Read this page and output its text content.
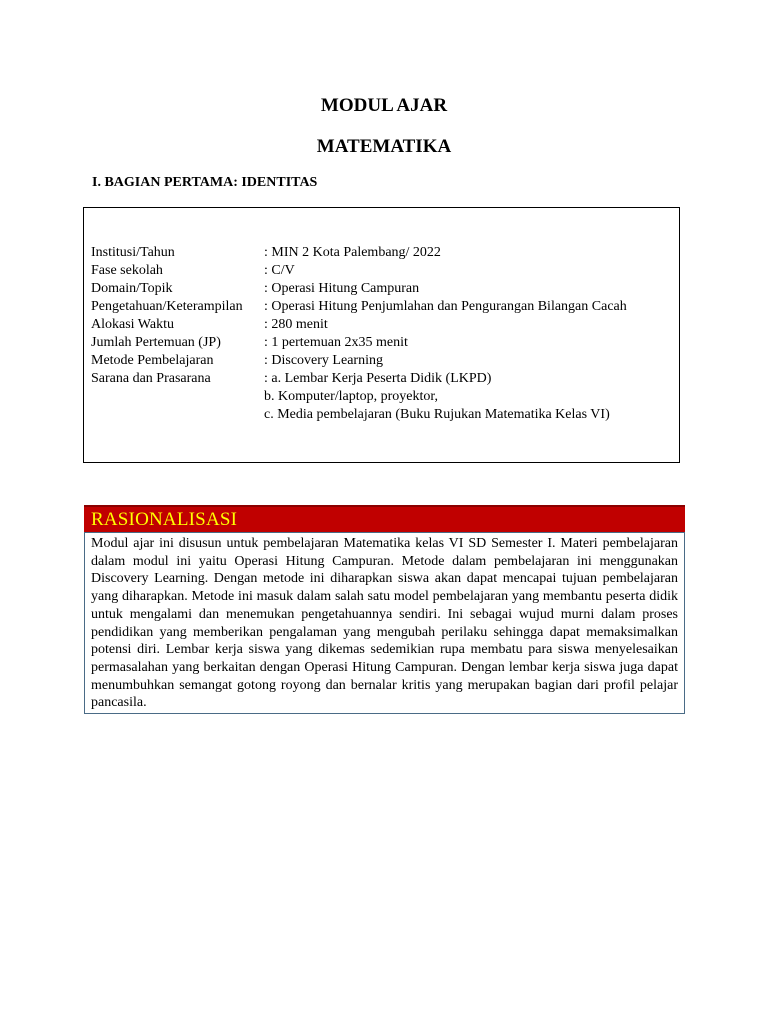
MODUL AJAR
MATEMATIKA
I. BAGIAN PERTAMA: IDENTITAS
Institusi/Tahun	: MIN 2 Kota Palembang/ 2022
Fase sekolah	: C/V
Domain/Topik	: Operasi Hitung Campuran
Pengetahuan/Keterampilan	: Operasi Hitung Penjumlahan dan Pengurangan Bilangan Cacah
Alokasi Waktu	: 280 menit
Jumlah Pertemuan (JP)	: 1 pertemuan 2x35 menit
Metode Pembelajaran	: Discovery Learning
Sarana dan Prasarana	: a. Lembar Kerja Peserta Didik (LKPD)
	b. Komputer/laptop, proyektor,
	c. Media pembelajaran (Buku Rujukan Matematika Kelas VI)
RASIONALISASI

Modul ajar ini disusun untuk pembelajaran Matematika kelas VI SD Semester I. Materi pembelajaran dalam modul ini yaitu Operasi Hitung Campuran. Metode dalam pembelajaran ini menggunakan Discovery Learning. Dengan metode ini diharapkan siswa akan dapat mencapai tujuan pembelajaran yang diharapkan. Metode ini masuk dalam salah satu model pembelajaran yang membantu peserta didik untuk mengalami dan menemukan pengetahuannya sendiri. Ini sebagai wujud murni dalam proses pendidikan yang memberikan pengalaman yang mengubah perilaku sehingga dapat memaksimalkan potensi diri. Lembar kerja siswa yang dikemas sedemikian rupa membatu para siswa menyelesaikan permasalahan yang berkaitan dengan Operasi Hitung Campuran. Dengan lembar kerja siswa juga dapat menumbuhkan semangat gotong royong dan bernalar kritis yang merupakan bagian dari profil pelajar pancasila.
